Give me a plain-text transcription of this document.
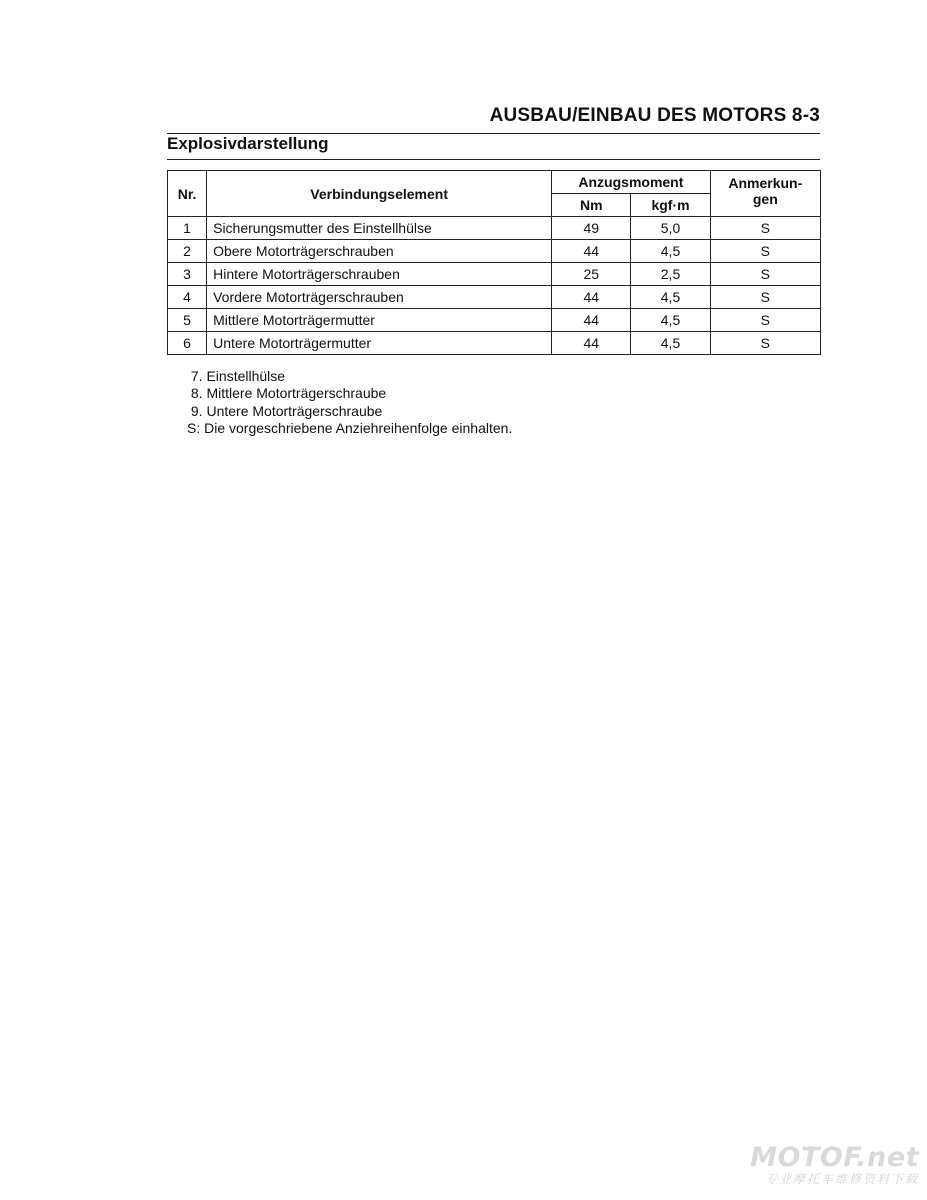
AUSBAU/EINBAU DES MOTORS 8-3
Explosivdarstellung
Nr.	Verbindungselement	Anzugsmoment		Anmerkun-gen

		Nm	kgf·m	
1	Sicherungsmutter des Einstellhülse	49	5,0	S
2	Obere Motorträgerschrauben	44	4,5	S
3	Hintere Motorträgerschrauben	25	2,5	S
4	Vordere Motorträgerschrauben	44	4,5	S
5	Mittlere Motorträgermutter	44	4,5	S
6	Untere Motorträgermutter	44	4,5	S
7. Einstellhülse
8. Mittlere Motorträgerschraube
9. Untere Motorträgerschraube
S: Die vorgeschriebene Anziehreihenfolge einhalten.
MOTOF.net
专业摩托车维修资料下载
